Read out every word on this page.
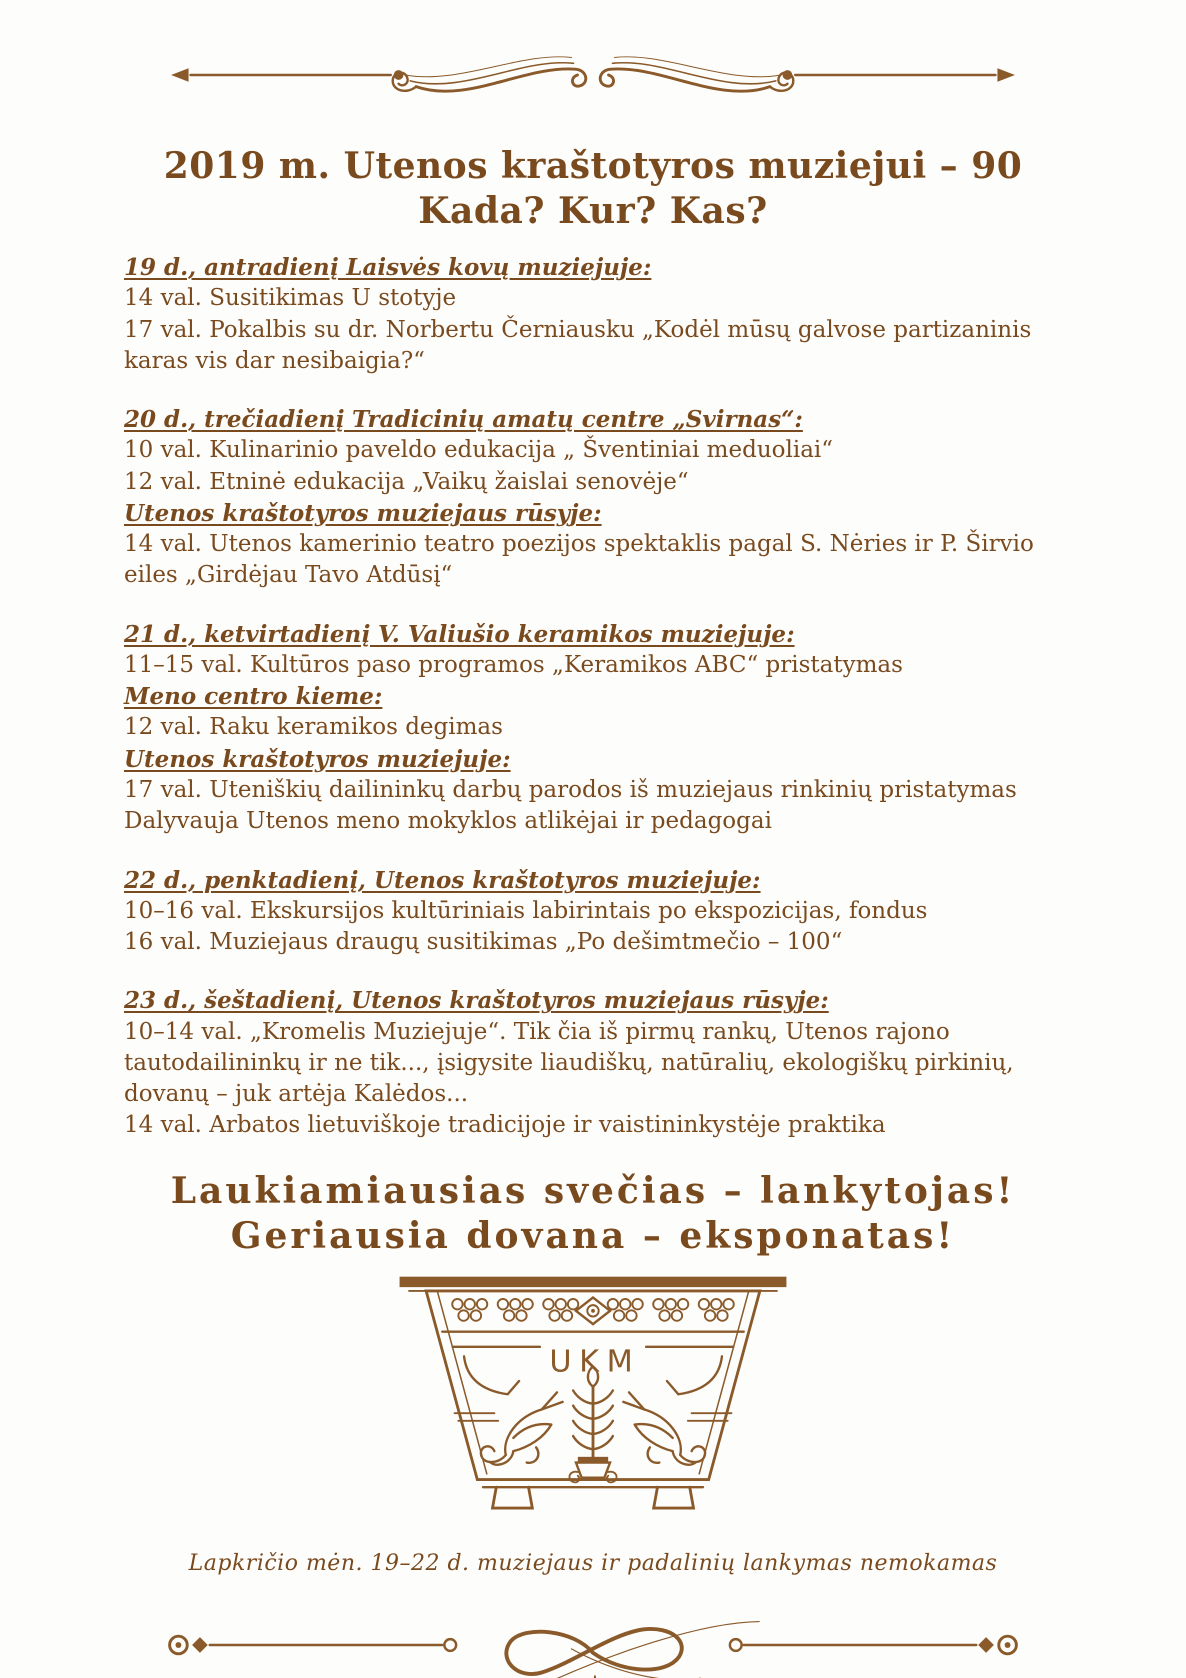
2019 m. Utenos kraštotyros muziejui – 90
Kada? Kur? Kas?
19 d., antradienį Laisvės kovų muziejuje:
14 val. Susitikimas U stotyje
17 val. Pokalbis su dr. Norbertu Černiausku „Kodėl mūsų galvose partizaninis karas vis dar nesibaigia?“
20 d., trečiadienį Tradicinių amatų centre „Svirnas“:
10 val. Kulinarinio paveldo edukacija „ Šventiniai meduoliai“
12 val. Etninė edukacija „Vaikų žaislai senovėje“
Utenos kraštotyros muziejaus rūsyje:
14 val. Utenos kamerinio teatro poezijos spektaklis pagal S. Nėries ir P. Širvio eiles „Girdėjau Tavo Atdūsį“
21 d., ketvirtadienį V. Valiušio keramikos muziejuje:
11–15 val. Kultūros paso programos „Keramikos ABC“ pristatymas
Meno centro kieme:
12 val. Raku keramikos degimas
Utenos kraštotyros muziejuje:
17 val. Uteniškių dailininkų darbų parodos iš muziejaus rinkinių pristatymas
Dalyvauja Utenos meno mokyklos atlikėjai ir pedagogai
22 d., penktadienį, Utenos kraštotyros muziejuje:
10–16 val. Ekskursijos kultūriniais labirintais po ekspozicijas, fondus
16 val. Muziejaus draugų susitikimas „Po dešimtmečio – 100“
23 d., šeštadienį, Utenos kraštotyros muziejaus rūsyje:
10–14 val. „Kromelis Muziejuje“. Tik čia iš pirmų rankų, Utenos rajono tautodailininkų ir ne tik..., įsigysite liaudiškų, natūralių, ekologiškų pirkinių, dovanų – juk artėja Kalėdos...
14 val. Arbatos lietuviškoje tradicijoje ir vaistininkystėje praktika
Laukiamiausias svečias – lankytojas!
Geriausia dovana – eksponatas!
UKM
Lapkričio mėn. 19–22 d. muziejaus ir padalinių lankymas nemokamas
